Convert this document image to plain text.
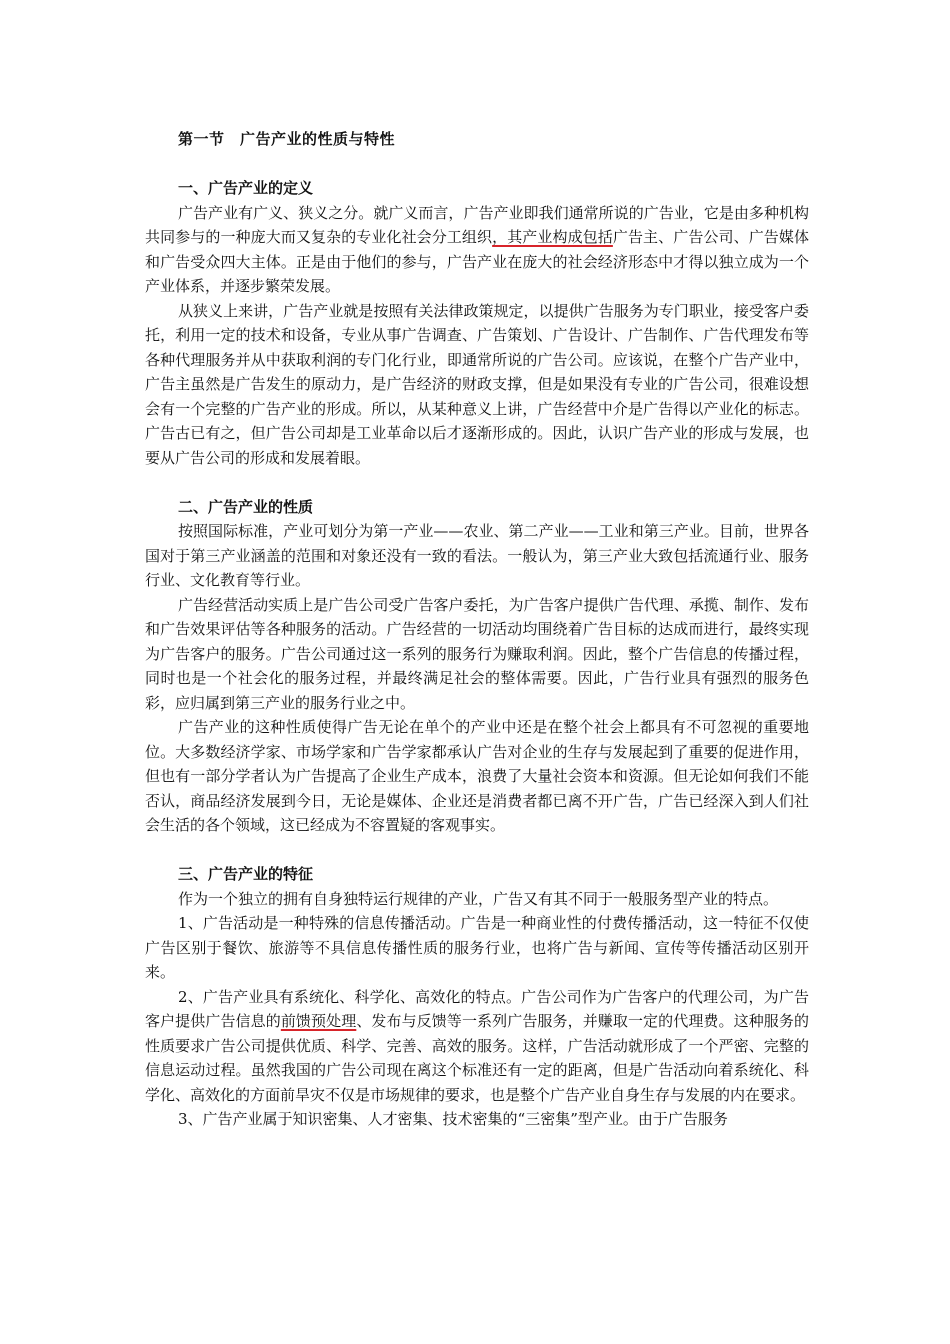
第一节　广告产业的性质与特性
一、广告产业的定义

广告产业有广义、狭义之分。就广义而言，广告产业即我们通常所说的广告业，它是由多种机构共同参与的一种庞大而又复杂的专业化社会分工组织，其产业构成包括广告主、广告公司、广告媒体和广告受众四大主体。正是由于他们的参与，广告产业在庞大的社会经济形态中才得以独立成为一个产业体系，并逐步繁荣发展。

从狭义上来讲，广告产业就是按照有关法律政策规定，以提供广告服务为专门职业，接受客户委托，利用一定的技术和设备，专业从事广告调查、广告策划、广告设计、广告制作、广告代理发布等各种代理服务并从中获取利润的专门化行业，即通常所说的广告公司。应该说，在整个广告产业中，广告主虽然是广告发生的原动力，是广告经济的财政支撑，但是如果没有专业的广告公司，很难设想会有一个完整的广告产业的形成。所以，从某种意义上讲，广告经营中介是广告得以产业化的标志。广告古已有之，但广告公司却是工业革命以后才逐渐形成的。因此，认识广告产业的形成与发展，也要从广告公司的形成和发展着眼。

二、广告产业的性质

按照国际标准，产业可划分为第一产业——农业、第二产业——工业和第三产业。目前，世界各国对于第三产业涵盖的范围和对象还没有一致的看法。一般认为，第三产业大致包括流通行业、服务行业、文化教育等行业。

广告经营活动实质上是广告公司受广告客户委托，为广告客户提供广告代理、承揽、制作、发布和广告效果评估等各种服务的活动。广告经营的一切活动均围绕着广告目标的达成而进行，最终实现为广告客户的服务。广告公司通过这一系列的服务行为赚取利润。因此，整个广告信息的传播过程，同时也是一个社会化的服务过程，并最终满足社会的整体需要。因此，广告行业具有强烈的服务色彩，应归属到第三产业的服务行业之中。

广告产业的这种性质使得广告无论在单个的产业中还是在整个社会上都具有不可忽视的重要地位。大多数经济学家、市场学家和广告学家都承认广告对企业的生存与发展起到了重要的促进作用，但也有一部分学者认为广告提高了企业生产成本，浪费了大量社会资本和资源。但无论如何我们不能否认，商品经济发展到今日，无论是媒体、企业还是消费者都已离不开广告，广告已经深入到人们社会生活的各个领域，这已经成为不容置疑的客观事实。

三、广告产业的特征

作为一个独立的拥有自身独特运行规律的产业，广告又有其不同于一般服务型产业的特点。

1、广告活动是一种特殊的信息传播活动。广告是一种商业性的付费传播活动，这一特征不仅使广告区别于餐饮、旅游等不具信息传播性质的服务行业，也将广告与新闻、宣传等传播活动区别开来。

2、广告产业具有系统化、科学化、高效化的特点。广告公司作为广告客户的代理公司，为广告客户提供广告信息的前馈预处理、发布与反馈等一系列广告服务，并赚取一定的代理费。这种服务的性质要求广告公司提供优质、科学、完善、高效的服务。这样，广告活动就形成了一个严密、完整的信息运动过程。虽然我国的广告公司现在离这个标准还有一定的距离，但是广告活动向着系统化、科学化、高效化的方面前旱灾不仅是市场规律的要求，也是整个广告产业自身生存与发展的内在要求。

3、广告产业属于知识密集、人才密集、技术密集的“三密集”型产业。由于广告服务
